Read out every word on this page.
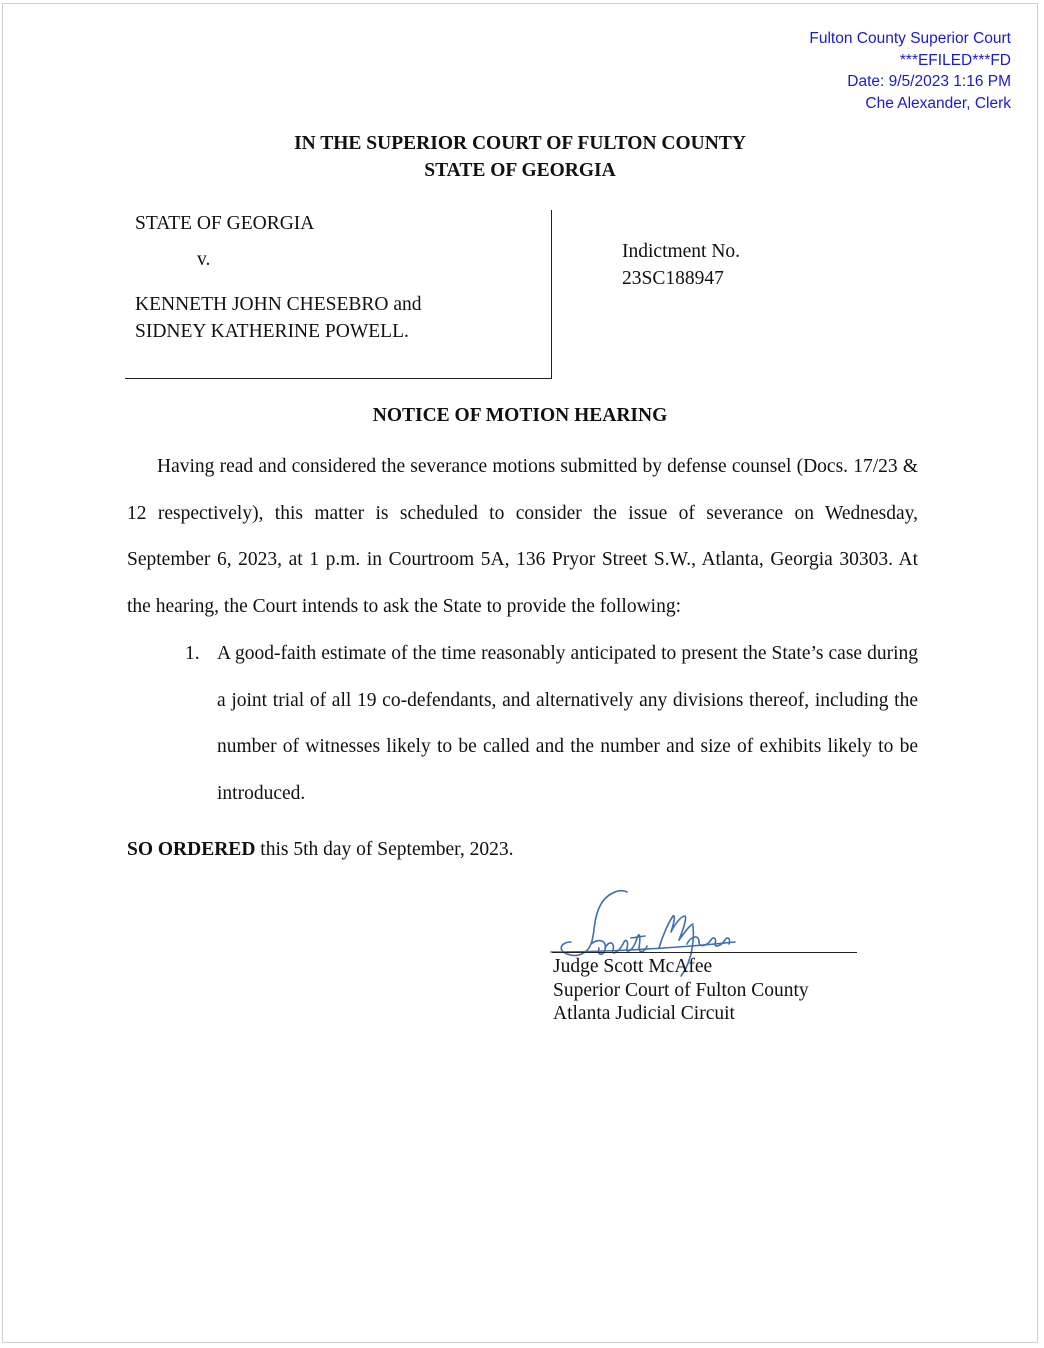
Fulton County Superior Court
***EFILED***FD
Date: 9/5/2023 1:16 PM
Che Alexander, Clerk
IN THE SUPERIOR COURT OF FULTON COUNTY
STATE OF GEORGIA
STATE OF GEORGIA
v.
KENNETH JOHN CHESEBRO and
SIDNEY KATHERINE POWELL.
Indictment No.
23SC188947
NOTICE OF MOTION HEARING
Having read and considered the severance motions submitted by defense counsel (Docs. 17/23 & 12 respectively), this matter is scheduled to consider the issue of severance on Wednesday, September 6, 2023, at 1 p.m. in Courtroom 5A, 136 Pryor Street S.W., Atlanta, Georgia 30303. At the hearing, the Court intends to ask the State to provide the following:
1. A good-faith estimate of the time reasonably anticipated to present the State’s case during a joint trial of all 19 co-defendants, and alternatively any divisions thereof, including the number of witnesses likely to be called and the number and size of exhibits likely to be introduced.
SO ORDERED this 5th day of September, 2023.
Judge Scott McAfee
Superior Court of Fulton County
Atlanta Judicial Circuit
